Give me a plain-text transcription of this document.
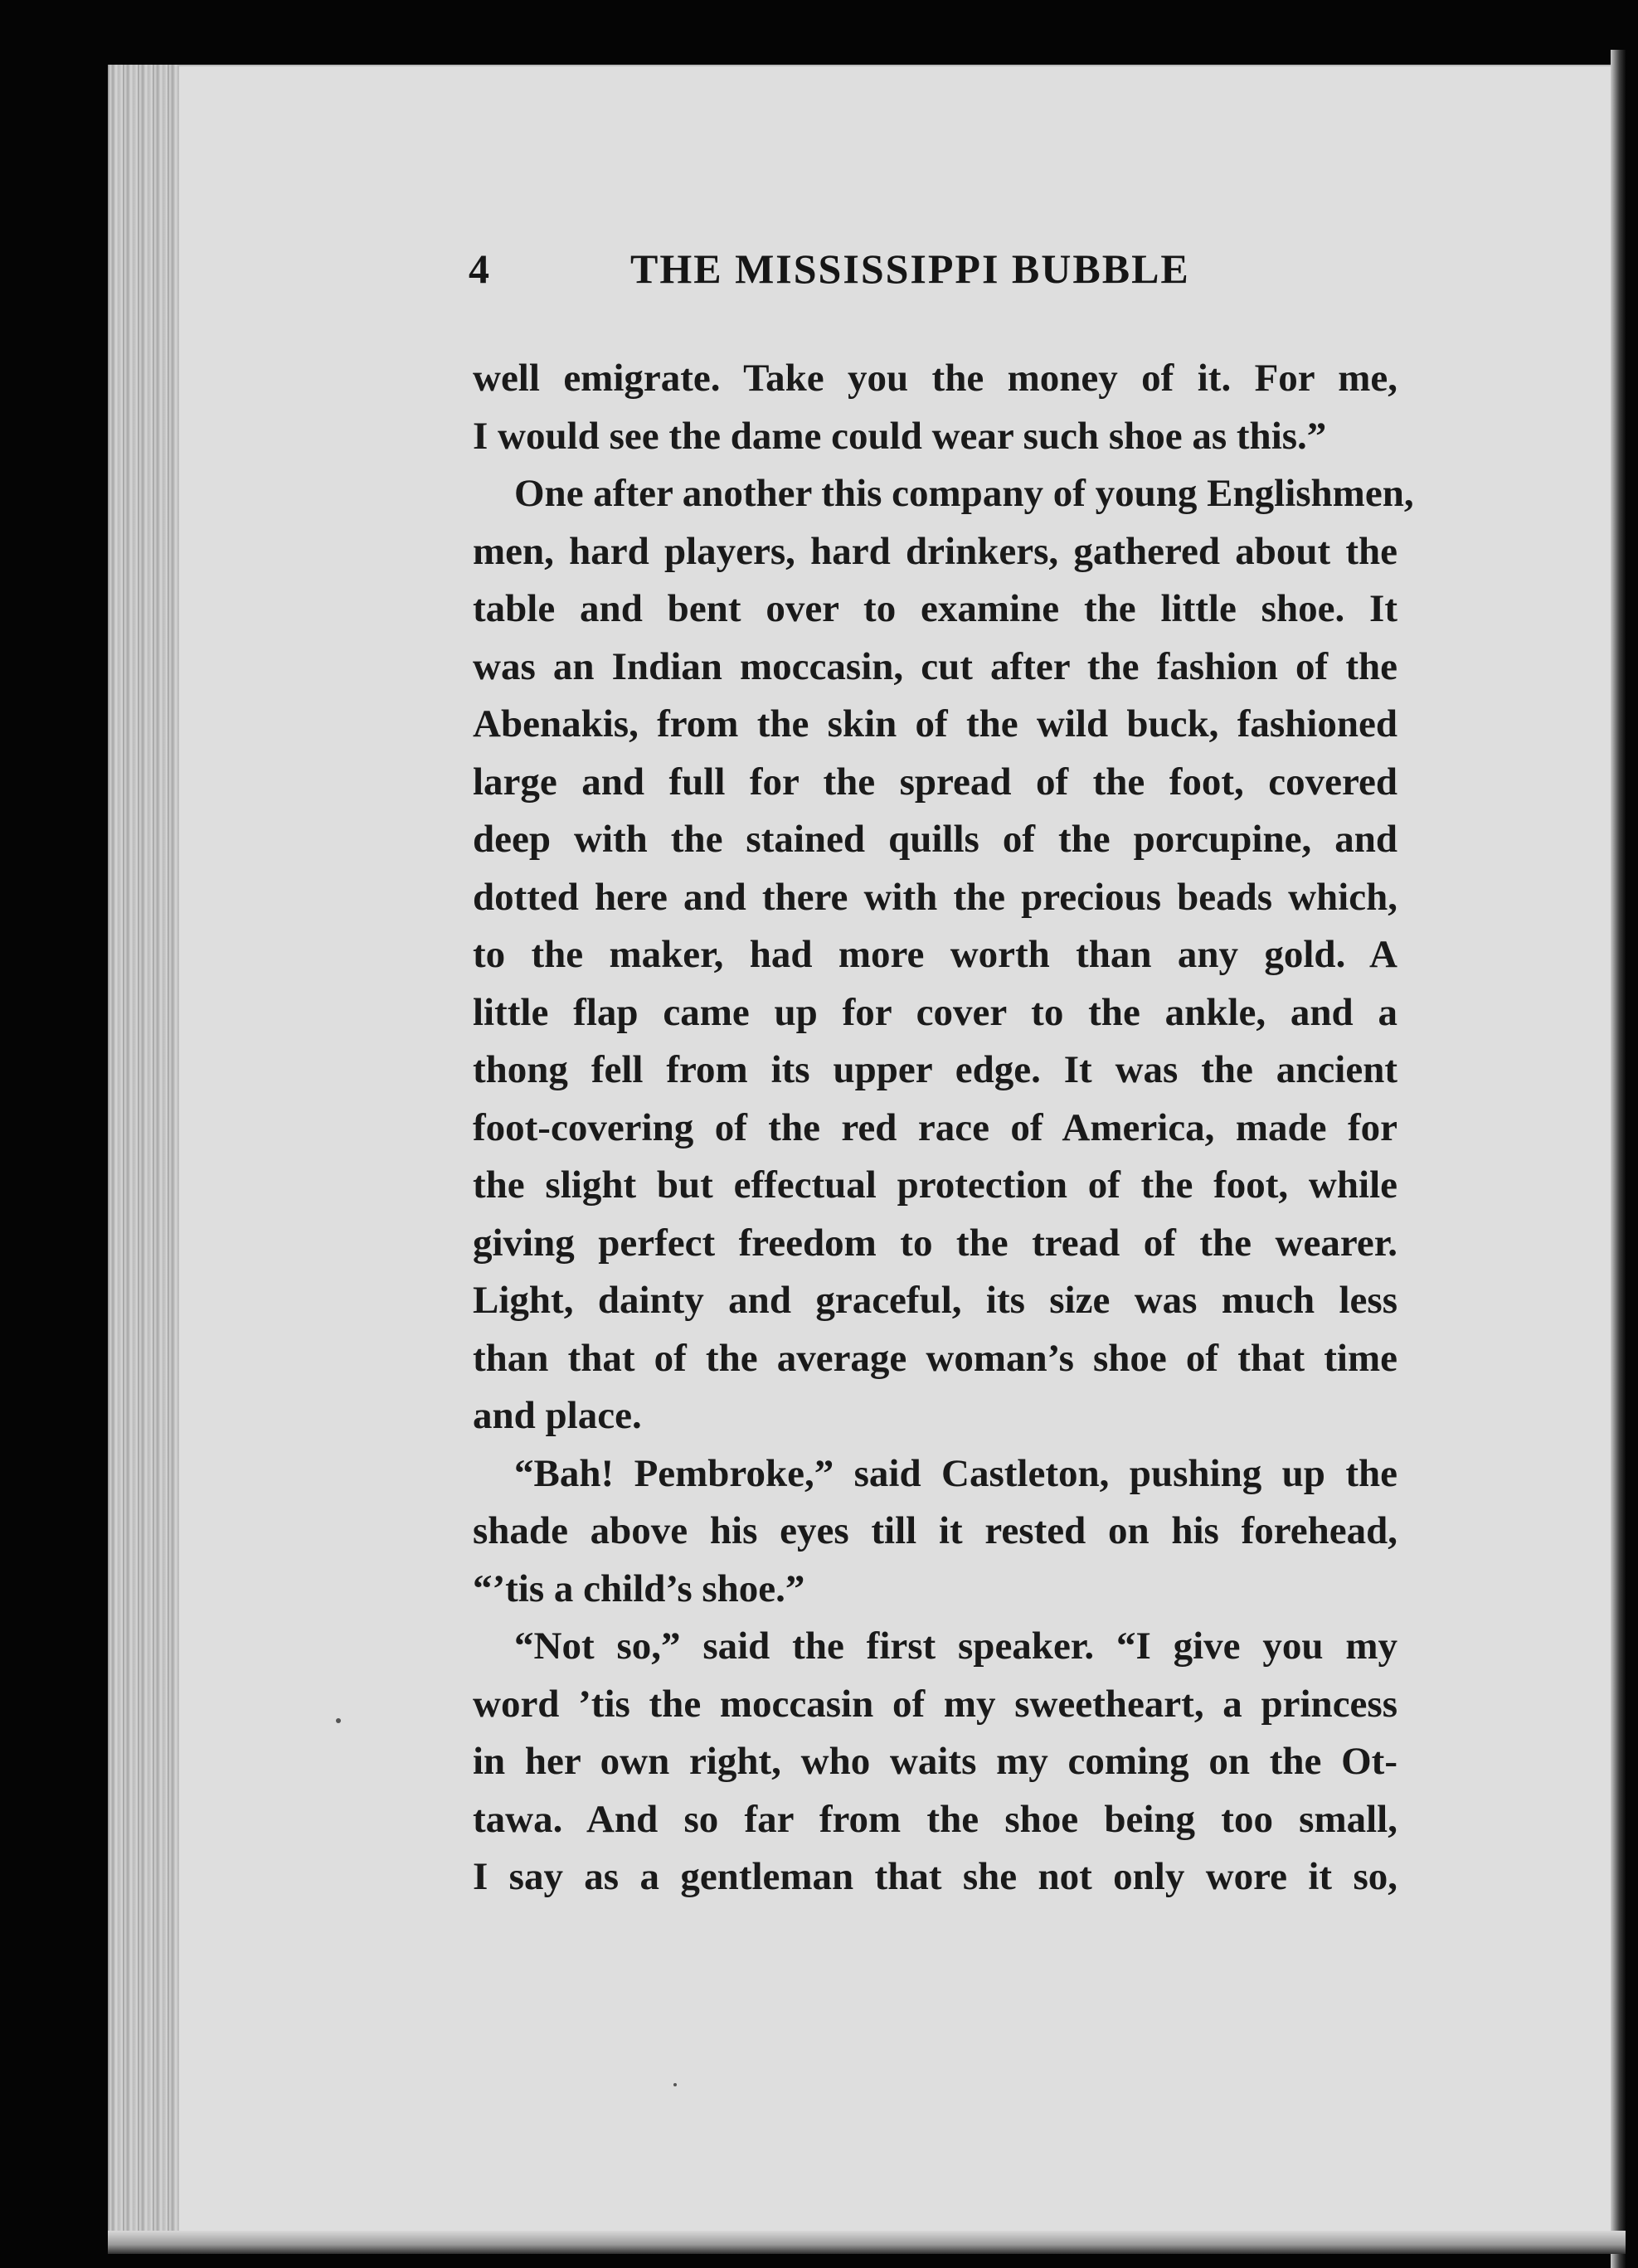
4	THE MISSISSIPPI BUBBLE
well emigrate. Take you the money of it. For me,
I would see the dame could wear such shoe as this.”
One after another this company of young Englishmen,
men, hard players, hard drinkers, gathered about the
table and bent over to examine the little shoe. It
was an Indian moccasin, cut after the fashion of the
Abenakis, from the skin of the wild buck, fashioned
large and full for the spread of the foot, covered
deep with the stained quills of the porcupine, and
dotted here and there with the precious beads which,
to the maker, had more worth than any gold. A
little flap came up for cover to the ankle, and a
thong fell from its upper edge. It was the ancient
foot-covering of the red race of America, made for
the slight but effectual protection of the foot, while
giving perfect freedom to the tread of the wearer.
Light, dainty and graceful, its size was much less
than that of the average woman’s shoe of that time
and place.
“Bah! Pembroke,” said Castleton, pushing up the
shade above his eyes till it rested on his forehead,
“’tis a child’s shoe.”
“Not so,” said the first speaker. “I give you my
word ’tis the moccasin of my sweetheart, a princess
in her own right, who waits my coming on the Ot-
tawa. And so far from the shoe being too small,
I say as a gentleman that she not only wore it so,
